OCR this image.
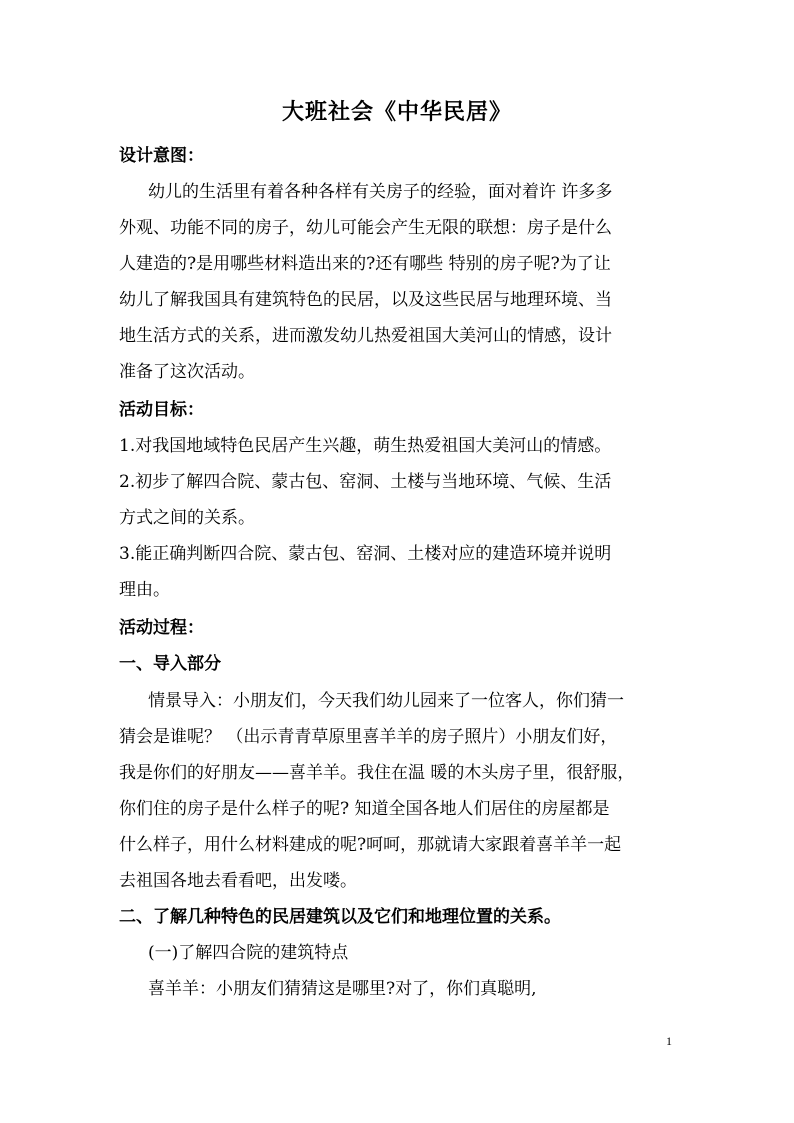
大班社会《中华民居》
设计意图：
幼儿的生活里有着各种各样有关房子的经验，面对着许 许多多
外观、功能不同的房子，幼儿可能会产生无限的联想：房子是什么
人建造的?是用哪些材料造出来的?还有哪些 特别的房子呢?为了让
幼儿了解我国具有建筑特色的民居，以及这些民居与地理环境、当
地生活方式的关系，进而激发幼儿热爱祖国大美河山的情感，设计
准备了这次活动。
活动目标：
1.对我国地域特色民居产生兴趣，萌生热爱祖国大美河山的情感。
2.初步了解四合院、蒙古包、窑洞、土楼与当地环境、气候、生活
方式之间的关系。
3.能正确判断四合院、蒙古包、窑洞、土楼对应的建造环境并说明
理由。
活动过程：
一、导入部分
情景导入：小朋友们，今天我们幼儿园来了一位客人，你们猜一
猜会是谁呢？ （出示青青草原里喜羊羊的房子照片）小朋友们好，
我是你们的好朋友——喜羊羊。我住在温 暖的木头房子里，很舒服，
你们住的房子是什么样子的呢? 知道全国各地人们居住的房屋都是
什么样子，用什么材料建成的呢?呵呵，那就请大家跟着喜羊羊一起
去祖国各地去看看吧，出发喽。
二、了解几种特色的民居建筑以及它们和地理位置的关系。
(一)了解四合院的建筑特点
喜羊羊：小朋友们猜猜这是哪里?对了，你们真聪明,
1
